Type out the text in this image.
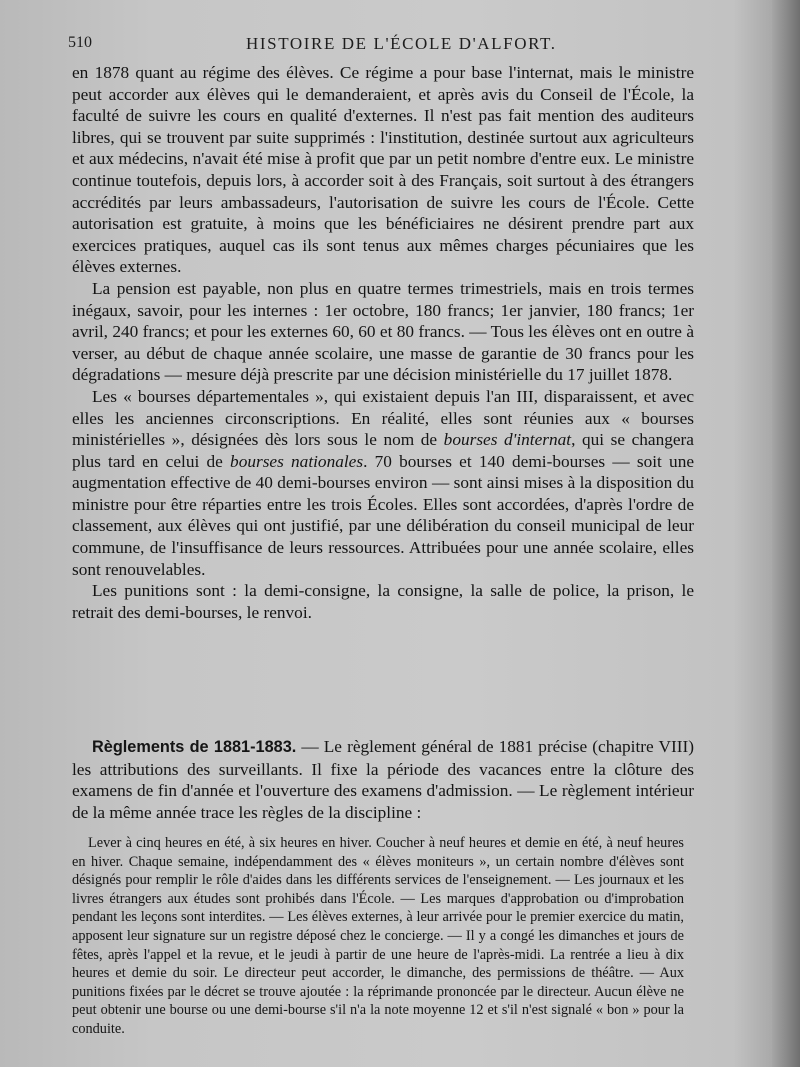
510	HISTOIRE DE L'ÉCOLE D'ALFORT.

en 1878 quant au régime des élèves. Ce régime a pour base l'internat, mais le ministre peut accorder aux élèves qui le demanderaient, et après avis du Conseil de l'École, la faculté de suivre les cours en qualité d'externes. Il n'est pas fait mention des auditeurs libres, qui se trouvent par suite supprimés : l'institution, destinée surtout aux agriculteurs et aux médecins, n'avait été mise à profit que par un petit nombre d'entre eux. Le ministre continue toutefois, depuis lors, à accorder soit à des Français, soit surtout à des étrangers accrédités par leurs ambassadeurs, l'autorisation de suivre les cours de l'École. Cette autorisation est gratuite, à moins que les bénéficiaires ne désirent prendre part aux exercices pratiques, auquel cas ils sont tenus aux mêmes charges pécuniaires que les élèves externes.

La pension est payable, non plus en quatre termes trimestriels, mais en trois termes inégaux, savoir, pour les internes : 1er octobre, 180 francs; 1er janvier, 180 francs; 1er avril, 240 francs; et pour les externes 60, 60 et 80 francs. — Tous les élèves ont en outre à verser, au début de chaque année scolaire, une masse de garantie de 30 francs pour les dégradations — mesure déjà prescrite par une décision ministérielle du 17 juillet 1878.

Les « bourses départementales », qui existaient depuis l'an III, disparaissent, et avec elles les anciennes circonscriptions. En réalité, elles sont réunies aux « bourses ministérielles », désignées dès lors sous le nom de bourses d'internat, qui se changera plus tard en celui de bourses nationales. 70 bourses et 140 demi-bourses — soit une augmentation effective de 40 demi-bourses environ — sont ainsi mises à la disposition du ministre pour être réparties entre les trois Écoles. Elles sont accordées, d'après l'ordre de classement, aux élèves qui ont justifié, par une délibération du conseil municipal de leur commune, de l'insuffisance de leurs ressources. Attribuées pour une année scolaire, elles sont renouvelables.

Les punitions sont : la demi-consigne, la consigne, la salle de police, la prison, le retrait des demi-bourses, le renvoi.

Règlements de 1881-1883. — Le règlement général de 1881 précise (chapitre VIII) les attributions des surveillants. Il fixe la période des vacances entre la clôture des examens de fin d'année et l'ouverture des examens d'admission. — Le règlement intérieur de la même année trace les règles de la discipline :
Lever à cinq heures en été, à six heures en hiver. Coucher à neuf heures et demie en été, à neuf heures en hiver. Chaque semaine, indépendamment des « élèves moniteurs », un certain nombre d'élèves sont désignés pour remplir le rôle d'aides dans les différents services de l'enseignement. — Les journaux et les livres étrangers aux études sont prohibés dans l'École. — Les marques d'approbation ou d'improbation pendant les leçons sont interdites. — Les élèves externes, à leur arrivée pour le premier exercice du matin, apposent leur signature sur un registre déposé chez le concierge. — Il y a congé les dimanches et jours de fêtes, après l'appel et la revue, et le jeudi à partir de une heure de l'après-midi. La rentrée a lieu à dix heures et demie du soir. Le directeur peut accorder, le dimanche, des permissions de théâtre. — Aux punitions fixées par le décret se trouve ajoutée : la réprimande prononcée par le directeur. Aucun élève ne peut obtenir une bourse ou une demi-bourse s'il n'a la note moyenne 12 et s'il n'est signalé « bon » pour la conduite.
